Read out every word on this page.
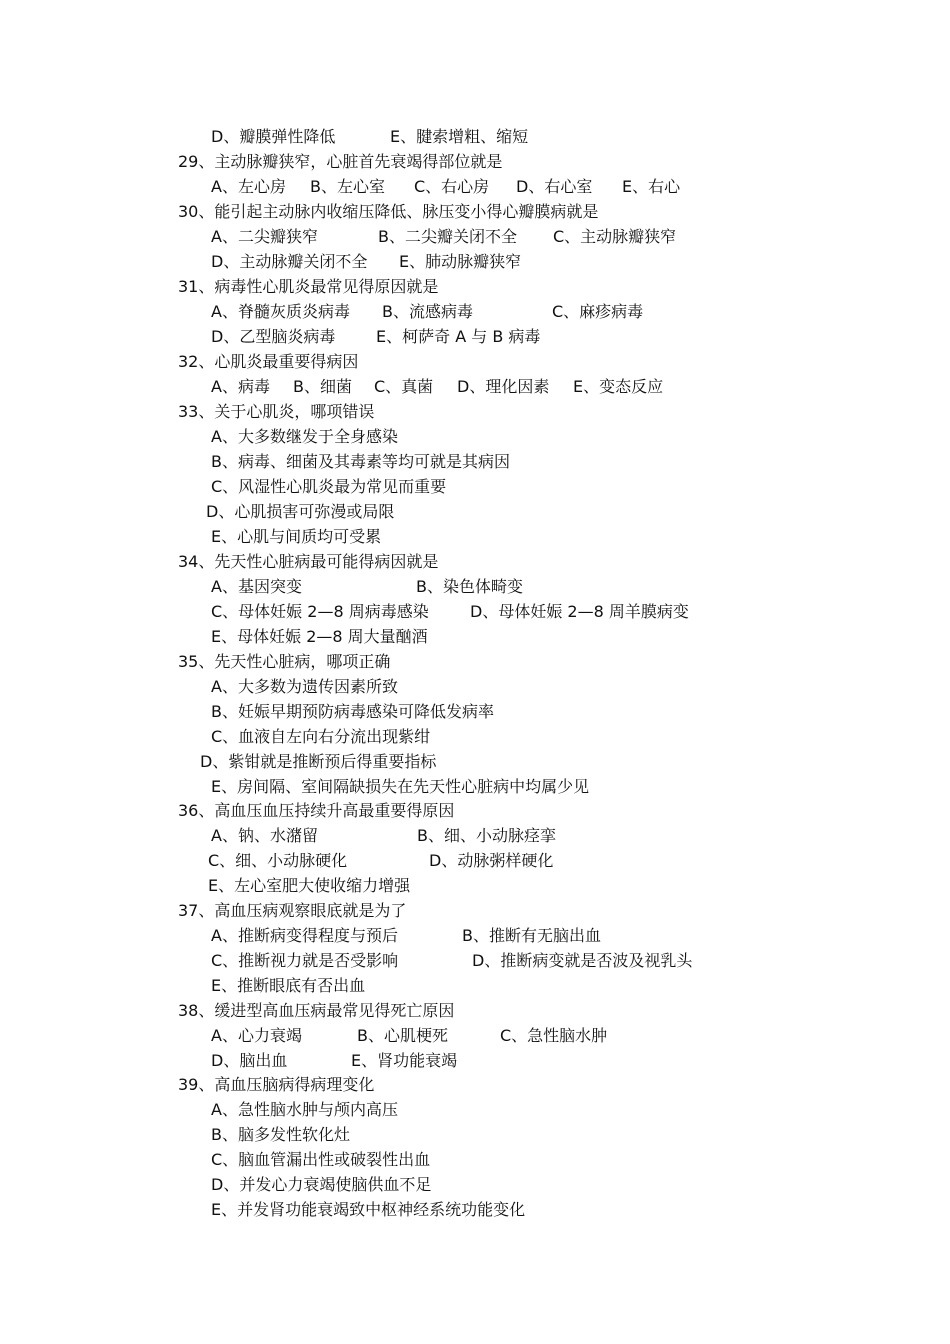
D、瓣膜弹性降低	E、腱索增粗、缩短
29、主动脉瓣狭窄，心脏首先衰竭得部位就是
A、左心房 B、左心室 C、右心房 D、右心室 E、右心
30、能引起主动脉内收缩压降低、脉压变小得心瓣膜病就是
A、二尖瓣狭窄	B、二尖瓣关闭不全 C、主动脉瓣狭窄
D、主动脉瓣关闭不全 E、肺动脉瓣狭窄
31、病毒性心肌炎最常见得原因就是
A、脊髓灰质炎病毒 B、流感病毒	C、麻疹病毒
D、乙型脑炎病毒	E、柯萨奇 A 与 B 病毒
32、心肌炎最重要得病因
A、病毒 B、细菌 C、真菌 D、理化因素 E、变态反应
33、关于心肌炎，哪项错误
A、大多数继发于全身感染
B、病毒、细菌及其毒素等均可就是其病因
C、风湿性心肌炎最为常见而重要
D、心肌损害可弥漫或局限
E、心肌与间质均可受累
34、先天性心脏病最可能得病因就是
A、基因突变	B、染色体畸变
C、母体妊娠 2—8 周病毒感染	D、母体妊娠 2—8 周羊膜病变
E、母体妊娠 2—8 周大量酗酒
35、先天性心脏病，哪项正确
A、大多数为遗传因素所致
B、妊娠早期预防病毒感染可降低发病率
C、血液自左向右分流出现紫绀
D、紫钳就是推断预后得重要指标
E、房间隔、室间隔缺损失在先天性心脏病中均属少见
36、高血压血压持续升高最重要得原因
A、钠、水潴留	B、细、小动脉痉挛
C、细、小动脉硬化	D、动脉粥样硬化
E、左心室肥大使收缩力增强
37、高血压病观察眼底就是为了
A、推断病变得程度与预后	B、推断有无脑出血
C、推断视力就是否受影响	D、推断病变就是否波及视乳头
E、推断眼底有否出血
38、缓进型高血压病最常见得死亡原因
A、心力衰竭	B、心肌梗死	C、急性脑水肿
D、脑出血	E、肾功能衰竭
39、高血压脑病得病理变化
A、急性脑水肿与颅内高压
B、脑多发性软化灶
C、脑血管漏出性或破裂性出血
D、并发心力衰竭使脑供血不足
E、并发肾功能衰竭致中枢神经系统功能变化
